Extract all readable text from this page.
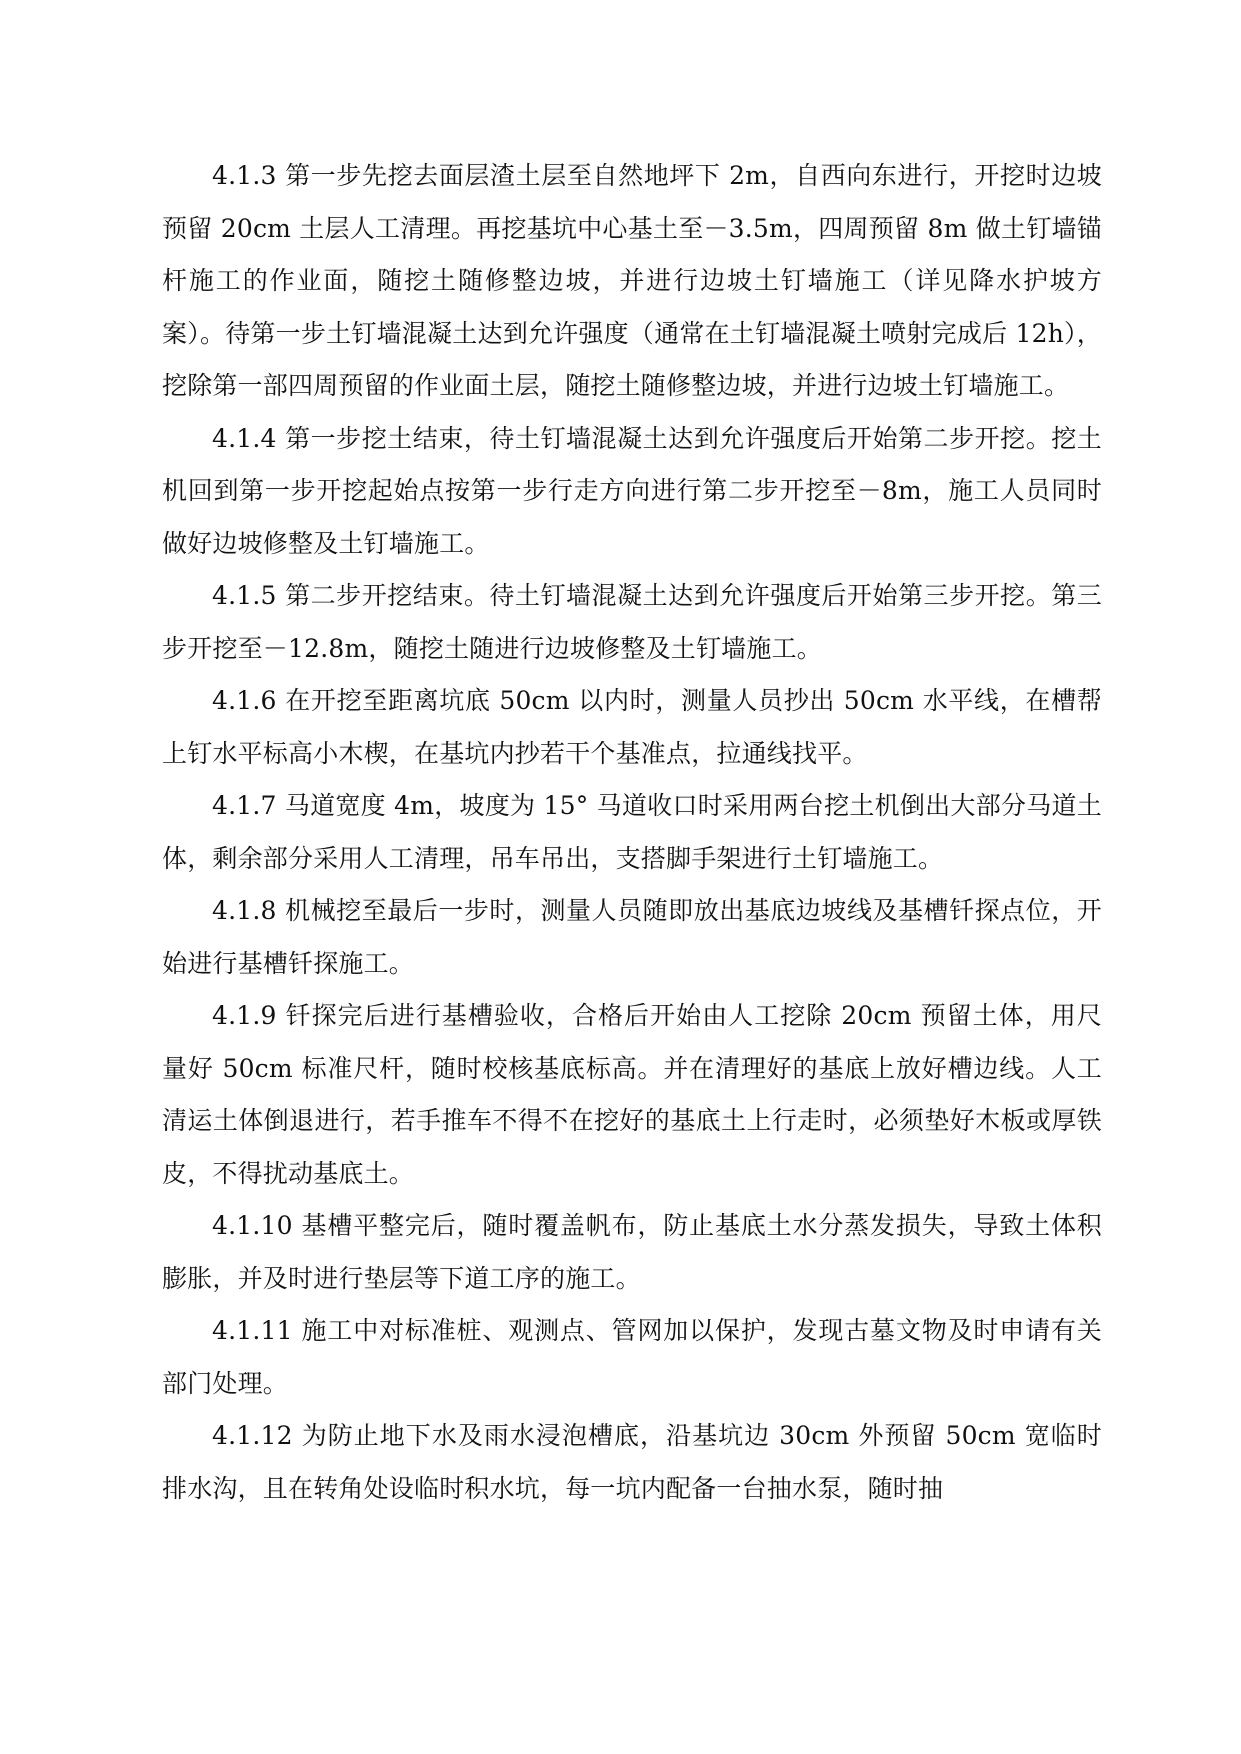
4.1.3 第一步先挖去面层渣土层至自然地坪下 2m，自西向东进行，开挖时边坡预留 20cm 土层人工清理。再挖基坑中心基土至－3.5m，四周预留 8m 做土钉墙锚杆施工的作业面，随挖土随修整边坡，并进行边坡土钉墙施工（详见降水护坡方案）。待第一步土钉墙混凝土达到允许强度（通常在土钉墙混凝土喷射完成后 12h），挖除第一部四周预留的作业面土层，随挖土随修整边坡，并进行边坡土钉墙施工。

4.1.4 第一步挖土结束，待土钉墙混凝土达到允许强度后开始第二步开挖。挖土机回到第一步开挖起始点按第一步行走方向进行第二步开挖至－8m，施工人员同时做好边坡修整及土钉墙施工。

4.1.5 第二步开挖结束。待土钉墙混凝土达到允许强度后开始第三步开挖。第三步开挖至－12.8m，随挖土随进行边坡修整及土钉墙施工。

4.1.6 在开挖至距离坑底 50cm 以内时，测量人员抄出 50cm 水平线，在槽帮上钉水平标高小木楔，在基坑内抄若干个基准点，拉通线找平。

4.1.7 马道宽度 4m，坡度为 15° 马道收口时采用两台挖土机倒出大部分马道土体，剩余部分采用人工清理，吊车吊出，支搭脚手架进行土钉墙施工。

4.1.8 机械挖至最后一步时，测量人员随即放出基底边坡线及基槽钎探点位，开始进行基槽钎探施工。

4.1.9 钎探完后进行基槽验收，合格后开始由人工挖除 20cm 预留土体，用尺量好 50cm 标准尺杆，随时校核基底标高。并在清理好的基底上放好槽边线。人工清运土体倒退进行，若手推车不得不在挖好的基底土上行走时，必须垫好木板或厚铁皮，不得扰动基底土。

4.1.10 基槽平整完后，随时覆盖帆布，防止基底土水分蒸发损失，导致土体积膨胀，并及时进行垫层等下道工序的施工。

4.1.11 施工中对标准桩、观测点、管网加以保护，发现古墓文物及时申请有关部门处理。

4.1.12 为防止地下水及雨水浸泡槽底，沿基坑边 30cm 外预留 50cm 宽临时排水沟，且在转角处设临时积水坑，每一坑内配备一台抽水泵，随时抽
